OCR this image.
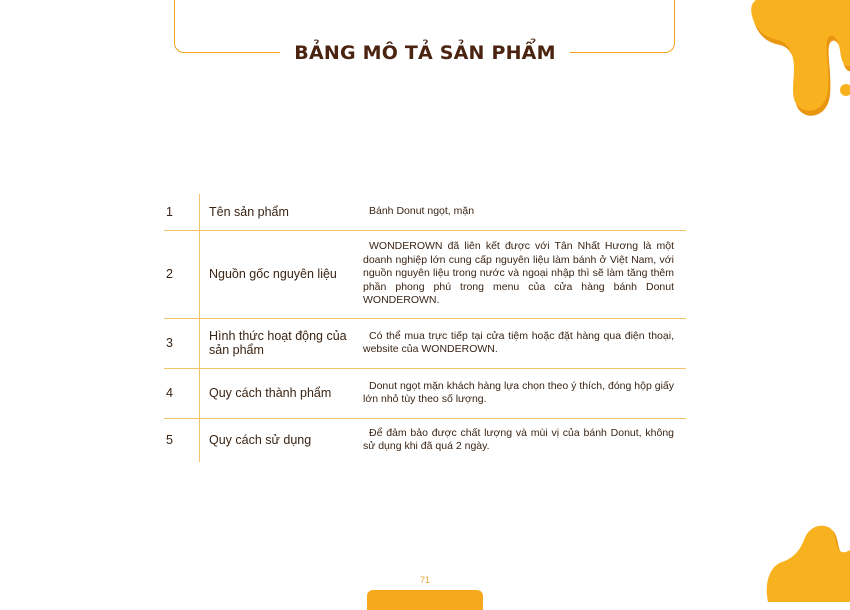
BẢNG MÔ TẢ SẢN PHẨM
1	Tên sản phẩm	Bánh Donut ngọt, mặn
2	Nguồn gốc nguyên liệu	WONDEROWN đã liên kết được với Tân Nhất Hương là một doanh nghiệp lớn cung cấp nguyên liệu làm bánh ở Việt Nam, với nguồn nguyên liệu trong nước và ngoại nhập thì sẽ làm tăng thêm phần phong phú trong menu của cửa hàng bánh Donut WONDEROWN.
3	Hình thức hoạt động của sản phẩm	Có thể mua trực tiếp tại cửa tiệm hoặc đặt hàng qua điện thoại, website của WONDEROWN.
4	Quy cách thành phẩm	Donut ngọt mặn khách hàng lựa chọn theo ý thích, đóng hộp giấy lớn nhỏ tùy theo số lượng.
5	Quy cách sử dụng	Để đảm bảo được chất lượng và mùi vị của bánh Donut, không sử dụng khi đã quá 2 ngày.
71
